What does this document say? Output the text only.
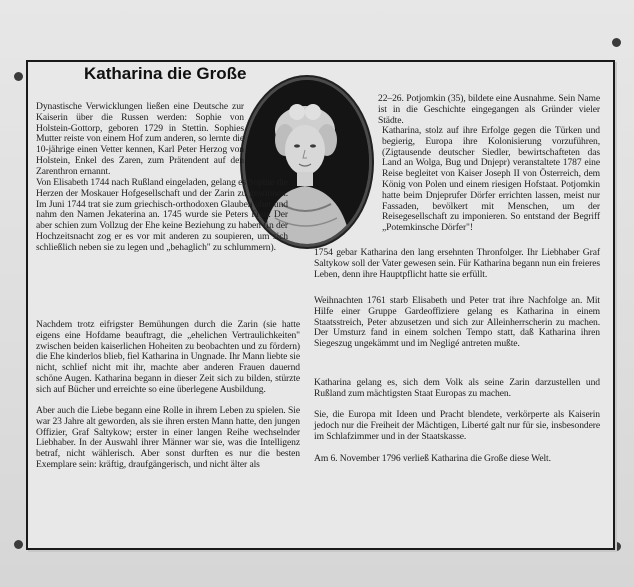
Katharina die Große

Dynastische Verwicklungen ließen eine Deutsche zur Kaiserin über die Russen werden: Sophie von Holstein-Gottorp, geboren 1729 in Stettin. Sophies Mutter reiste von einem Hof zum anderen, so lernte die 10-jährige einen Vetter kennen, Karl Peter Herzog von Holstein, Enkel des Zaren, zum Prätendent auf den Zarenthron ernannt.

Von Elisabeth 1744 nach Rußland eingeladen, gelang es Sophie die Herzen der Moskauer Hofgesellschaft und der Zarin zu gewinnen. Im Juni 1744 trat sie zum griechisch-orthodoxen Glauben über und nahm den Namen Jekaterina an. 1745 wurde sie Peters Frau. Der aber schien zum Vollzug der Ehe keine Beziehung zu haben (in der Hochzeitsnacht zog er es vor mit anderen zu soupieren, um sich schließlich neben sie zu legen und „behaglich" zu schlummern).

Nachdem trotz eifrigster Bemühungen durch die Zarin (sie hatte eigens eine Hofdame beauftragt, die „ehelichen Vertraulichkeiten" zwischen beiden kaiserlichen Hoheiten zu beobachten und zu fördern) die Ehe kinderlos blieb, fiel Katharina in Ungnade. Ihr Mann liebte sie nicht, schlief nicht mit ihr, machte aber anderen Frauen dauernd schöne Augen. Katharina begann in dieser Zeit sich zu bilden, stürzte sich auf Bücher und erreichte so eine überlegene Ausbildung.

Aber auch die Liebe begann eine Rolle in ihrem Leben zu spielen. Sie war 23 Jahre alt geworden, als sie ihren ersten Mann hatte, den jungen Offizier, Graf Saltykow; erster in einer langen Reihe wechselnder Liebhaber. In der Auswahl ihrer Männer war sie, was die Intelligenz betraf, nicht wählerisch. Aber sonst durften es nur die besten Exemplare sein: kräftig, draufgängerisch, und nicht älter als

22–26. Potjomkin (35), bildete eine Ausnahme. Sein Name ist in die Geschichte eingegangen als Gründer vieler Städte.

Katharina, stolz auf ihre Erfolge gegen die Türken und begierig, Europa ihre Kolonisierung vorzuführen, (Zigtausende deutscher Siedler, bewirtschafteten das Land an Wolga, Bug und Dnjepr) veranstaltete 1787 eine Reise begleitet von Kaiser Joseph II von Österreich, dem König von Polen und einem riesigen Hofstaat. Potjomkin hatte beim Dnjeprufer Dörfer errichten lassen, meist nur Fassaden, bevölkert mit Menschen, um der Reisegesellschaft zu imponieren. So entstand der Begriff „Potemkinsche Dörfer"!

1754 gebar Katharina den lang ersehnten Thronfolger. Ihr Liebhaber Graf Saltykow soll der Vater gewesen sein. Für Katharina begann nun ein freieres Leben, denn ihre Hauptpflicht hatte sie erfüllt.

Weihnachten 1761 starb Elisabeth und Peter trat ihre Nachfolge an. Mit Hilfe einer Gruppe Gardeoffiziere gelang es Katharina in einem Staatsstreich, Peter abzusetzen und sich zur Alleinherrscherin zu machen. Der Umsturz fand in einem solchen Tempo statt, daß Katharina ihren Siegeszug ungekämmt und im Negligé antreten mußte.

Katharina gelang es, sich dem Volk als seine Zarin darzustellen und Rußland zum mächtigsten Staat Europas zu machen.

Sie, die Europa mit Ideen und Pracht blendete, verkörperte als Kaiserin jedoch nur die Freiheit der Mächtigen, Liberté galt nur für sie, insbesondere im Schlafzimmer und in der Staatskasse.

Am 6. November 1796 verließ Katharina die Große diese Welt.
